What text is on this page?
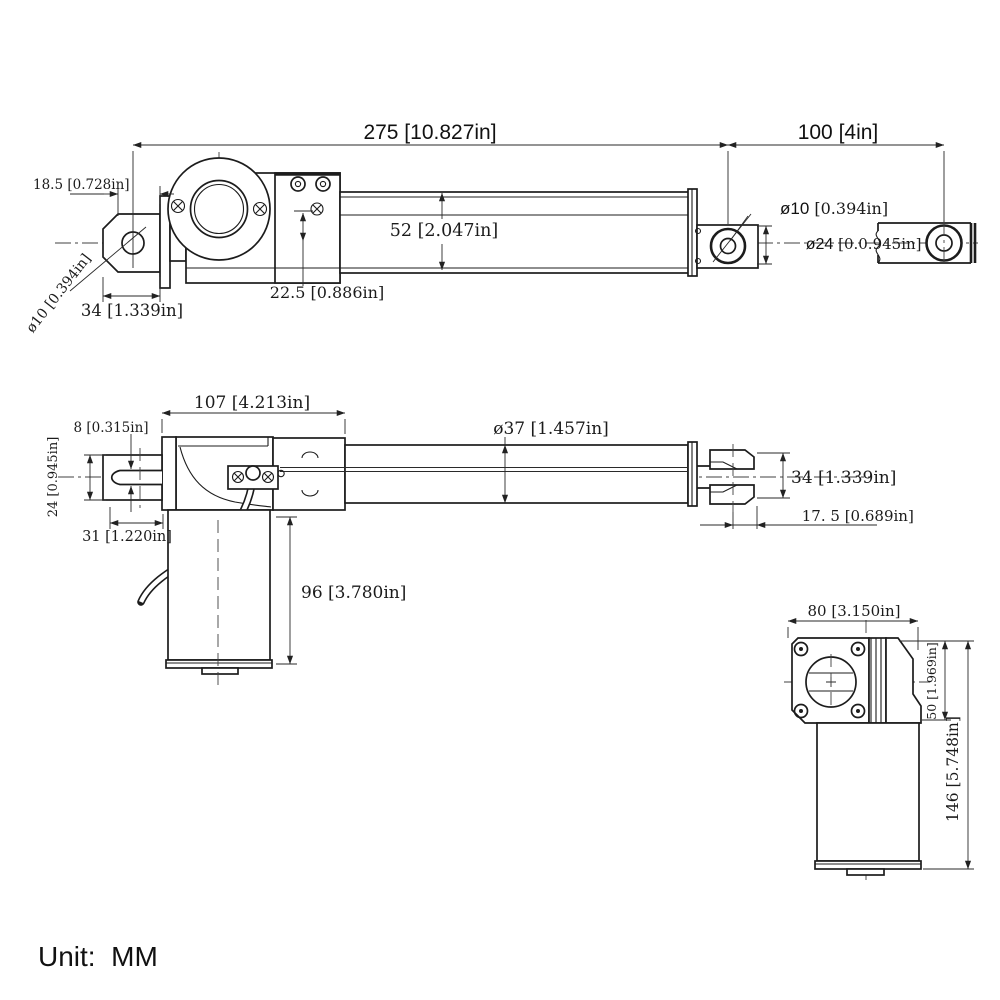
275 [10.827in]	100 [4in]
18.5 [0.728in]
52 [2.047in]
22.5 [0.886in]
34 [1.339in]
ø10 [0.394in]
ø10 [0.394in]
ø24 [0.0.945in]
107 [4.213in]
8 [0.315in]
24 [0.945in]
31 [1.220in]
ø37 [1.457in]
34 [1.339in]
17. 5 [0.689in]
96 [3.780in]
80 [3.150in]
50 [1.969in]
146 [5.748in]
Unit:  MM
